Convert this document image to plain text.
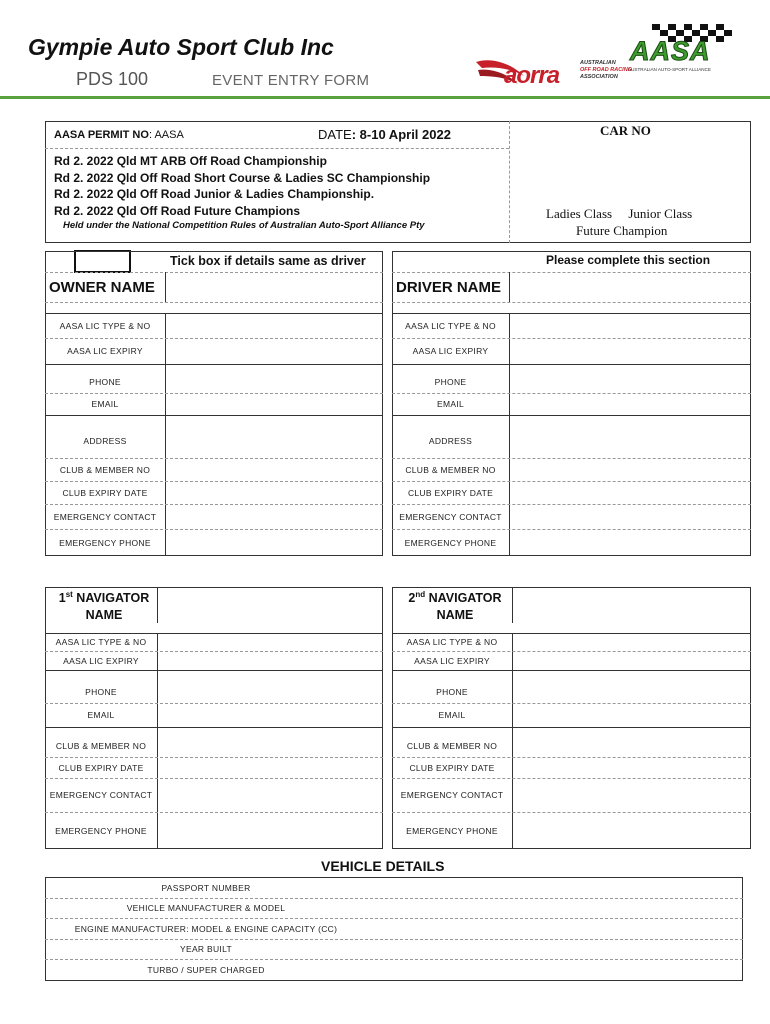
Gympie Auto Sport Club Inc
PDS 100	EVENT ENTRY FORM	aorra	AUSTRALIAN
OFF ROAD RACING
ASSOCIATION
AASA
AUSTRALIAN AUTO-SPORT ALLIANCE
AASA PERMIT NO: AASA	DATE: 8-10 April 2022
Rd 2. 2022 Qld MT ARB Off Road Championship
Rd 2. 2022 Qld Off Road Short Course & Ladies SC Championship
Rd 2. 2022 Qld Off Road Junior & Ladies Championship.
Rd 2. 2022 Qld Off Road Future Champions
Held under the National Competition Rules of Australian Auto-Sport Alliance Pty
CAR NO
Ladies Class     Junior Class
Future Champion
Tick box if details same as driver	Please complete this section
OWNER NAME
AASA LIC TYPE & NO
AASA LIC EXPIRY
PHONE
EMAIL
ADDRESS
CLUB & MEMBER NO
CLUB EXPIRY DATE
EMERGENCY CONTACT
EMERGENCY PHONE
DRIVER NAME
AASA LIC TYPE & NO
AASA LIC EXPIRY
PHONE
EMAIL
ADDRESS
CLUB & MEMBER NO
CLUB EXPIRY DATE
EMERGENCY CONTACT
EMERGENCY PHONE
1st NAVIGATOR
NAME
AASA LIC TYPE & NO
AASA LIC EXPIRY
PHONE
EMAIL
CLUB & MEMBER NO
CLUB EXPIRY DATE
EMERGENCY CONTACT
EMERGENCY PHONE
2nd NAVIGATOR
NAME
AASA LIC TYPE & NO
AASA LIC EXPIRY
PHONE
EMAIL
CLUB & MEMBER NO
CLUB EXPIRY DATE
EMERGENCY CONTACT
EMERGENCY PHONE
VEHICLE DETAILS
PASSPORT NUMBER
VEHICLE MANUFACTURER & MODEL
ENGINE MANUFACTURER: MODEL & ENGINE CAPACITY (CC)
YEAR BUILT
TURBO / SUPER CHARGED
